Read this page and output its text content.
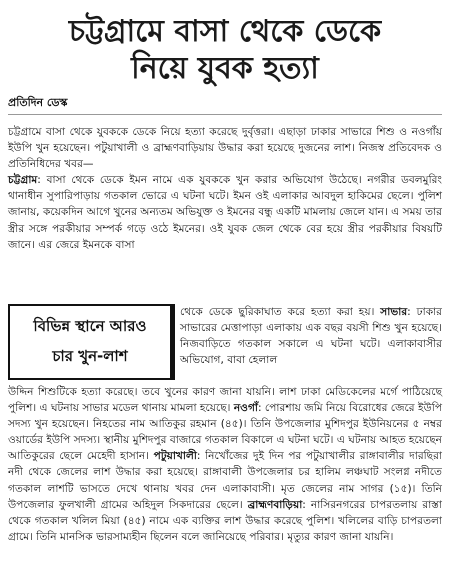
চট্টগ্রামে বাসা থেকে ডেকে
নিয়ে যুবক হত্যা
প্রতিদিন ডেস্ক

চট্টগ্রামে বাসা থেকে যুবককে ডেকে নিয়ে হত্যা করেছে দুর্বৃত্তরা। এছাড়া ঢাকার সাভারে শিশু ও নওগাঁয় ইউপি খুন হয়েছেন। পটুয়াখালী ও ব্রাহ্মণবাড়িয়ায় উদ্ধার করা হয়েছে দুজনের লাশ। নিজস্ব প্রতিবেদক ও প্রতিনিধিদের খবর—

চট্টগ্রাম: বাসা থেকে ডেকে ইমন নামে এক যুবককে খুন করার অভিযোগ উঠেছে। নগরীর ডবলমুরিং থানাধীন সুপারিপাড়ায় গতকাল ভোরে এ ঘটনা ঘটে। ইমন ওই এলাকার আবদুল হাকিমের ছেলে। পুলিশ জানায়, কয়েকদিন আগে খুনের অন্যতম অভিযুক্ত ও ইমনের বন্ধু একটি মামলায় জেলে যান। এ সময় তার স্ত্রীর সঙ্গে পরকীয়ার সম্পর্ক গড়ে ওঠে ইমনের। ওই যুবক জেল থেকে বের হয়ে স্ত্রীর পরকীয়ার বিষয়টি জানে। এর জেরে ইমনকে বাসা

বিভিন্ন স্থানে আরও
চার খুন-লাশ
থেকে ডেকে ছুরিকাঘাত করে হত্যা করা হয়। সাভার: ঢাকার সাভারের মেত্তাপাড়া এলাকায় এক বছর বয়সী শিশু খুন হয়েছে। নিজবাড়িতে গতকাল সকালে এ ঘটনা ঘটে। এলাকাবাসীর অভিযোগ, বাবা হেলাল
উদ্দিন শিশুটিকে হত্যা করেছে। তবে খুনের কারণ জানা যায়নি। লাশ ঢাকা মেডিকেলের মর্গে পাঠিয়েছে পুলিশ। এ ঘটনায় সাভার মডেল থানায় মামলা হয়েছে। নওগাঁ: পোরশায় জমি নিয়ে বিরোধের জেরে ইউপি সদস্য খুন হয়েছেন। নিহতের নাম আতিকুর রহমান (৪৫)। তিনি উপজেলার মুশিদপুর ইউনিয়নের ৫ নম্বর ওয়ার্ডের ইউপি সদস্য। স্থানীয় মুশিদপুর বাজারে গতকাল বিকালে এ ঘটনা ঘটে। এ ঘটনায় আহত হয়েছেন আতিকুরের ছেলে মেহেদী হাসান। পটুয়াখালী: নিখোঁজের দুই দিন পর পটুয়াখালীর রাঙ্গাবালীর দারছিরা নদী থেকে জেলের লাশ উদ্ধার করা হয়েছে। রাঙ্গাবালী উপজেলার চর হালিম লঞ্চঘাট সংলগ্ন নদীতে গতকাল লাশটি ভাসতে দেখে থানায় খবর দেন এলাকাবাসী। মৃত জেলের নাম সাগর (১৫)। তিনি উপজেলার ফুলখালী গ্রামের অহিদুল সিকদারের ছেলে। ব্রাহ্মণবাড়িয়া: নাসিরনগরের চাপরতলায় রাস্তা থেকে গতকাল খলিল মিয়া (৪৫) নামে এক ব্যক্তির লাশ উদ্ধার করেছে পুলিশ। খলিলের বাড়ি চাপরতলা গ্রামে। তিনি মানসিক ভারসাম্যহীন ছিলেন বলে জানিয়েছে পরিবার। মৃত্যুর কারণ জানা যায়নি।
